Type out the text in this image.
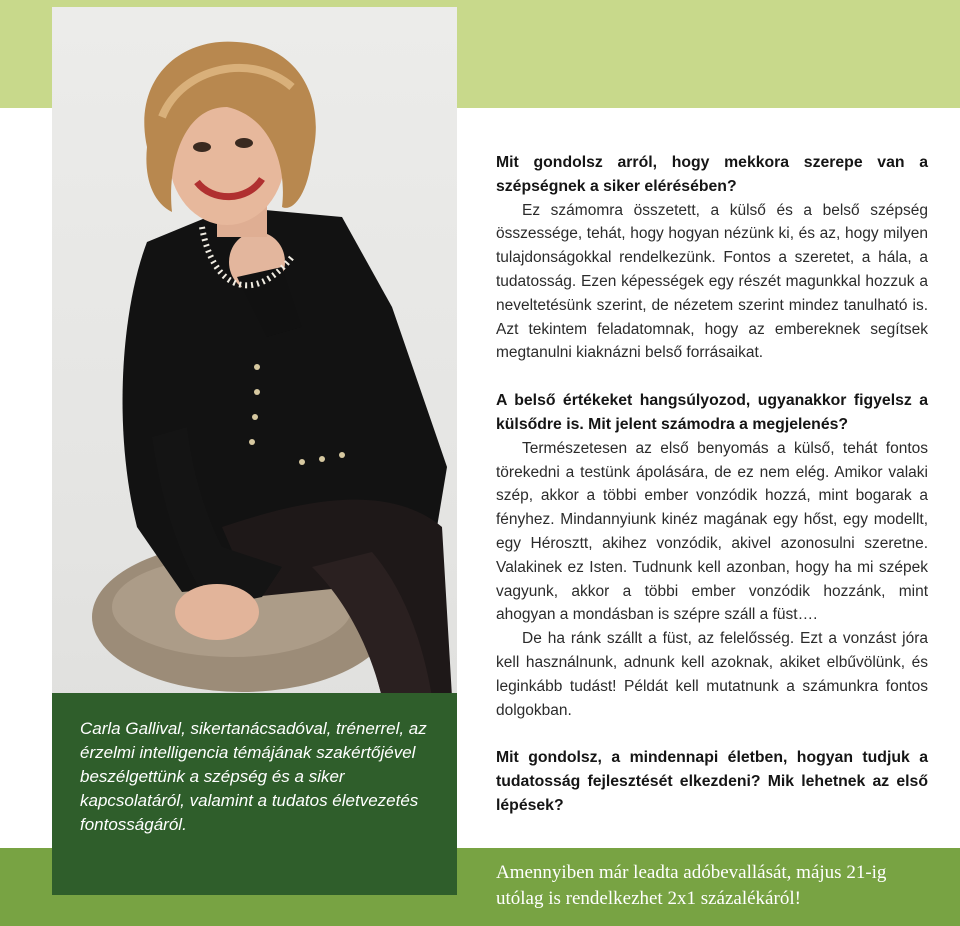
Carla Gallival, sikertanácsadóval, trénerrel, az érzelmi intelligencia témájának szakértőjével beszélgettünk a szépség és a siker kapcsolatáról, valamint a tudatos életvezetés fontosságáról.

Mit gondolsz arról, hogy mekkora szerepe van a szépségnek a siker elérésében?

Ez számomra összetett, a külső és a belső szépség összessége, tehát, hogy hogyan nézünk ki, és az, hogy milyen tulajdonságokkal rendelkezünk. Fontos a szeretet, a hála, a tudatosság. Ezen képességek egy részét magunkkal hozzuk a neveltetésünk szerint, de nézetem szerint mindez tanulható is. Azt tekintem feladatomnak, hogy az embereknek segítsek megtanulni kiaknázni belső forrásaikat.

A belső értékeket hangsúlyozod, ugyanakkor figyelsz a külsődre is. Mit jelent számodra a megjelenés?

Természetesen az első benyomás a külső, tehát fontos törekedni a testünk ápolására, de ez nem elég. Amikor valaki szép, akkor a többi ember vonzódik hozzá, mint bogarak a fényhez. Mindannyiunk kinéz magának egy hőst, egy modellt, egy Hérosztt, akihez vonzódik, akivel azonosulni szeretne. Valakinek ez Isten. Tudnunk kell azonban, hogy ha mi szépek vagyunk, akkor a többi ember vonzódik hozzánk, mint ahogyan a mondásban is szépre száll a füst….

De ha ránk szállt a füst, az felelősség. Ezt a vonzást jóra kell használnunk, adnunk kell azoknak, akiket elbűvölünk, és leginkább tudást! Példát kell mutatnunk a számunkra fontos dolgokban.

Mit gondolsz, a mindennapi életben, hogyan tudjuk a tudatosság fejlesztését elkezdeni? Mik lehetnek az első lépések?

Amennyiben már leadta adóbevallását, május 21-ig utólag is rendelkezhet 2x1 százalékáról!
